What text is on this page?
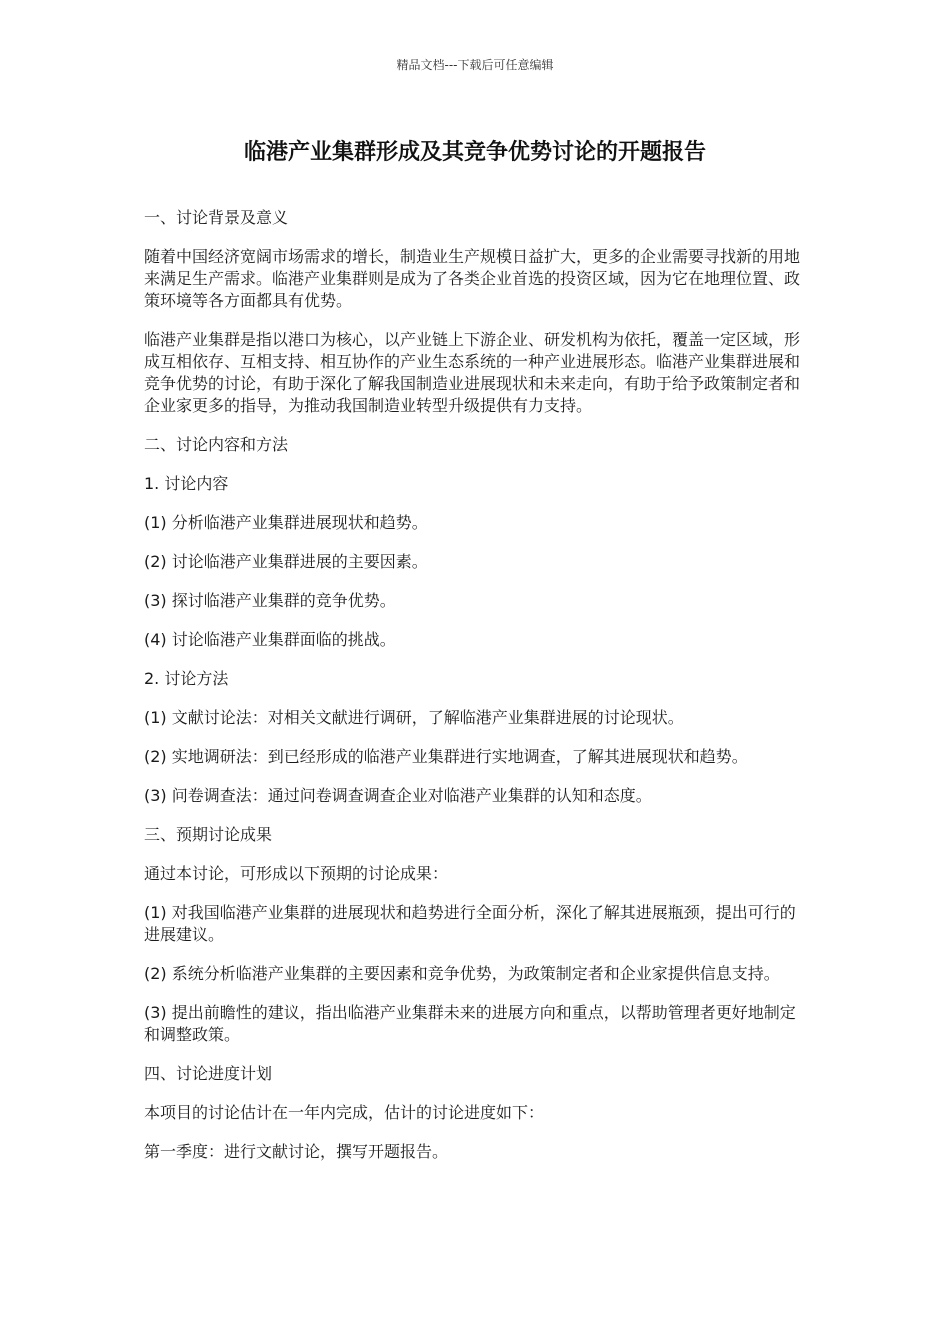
精品文档---下载后可任意编辑
临港产业集群形成及其竞争优势讨论的开题报告

一、讨论背景及意义

随着中国经济宽阔市场需求的增长，制造业生产规模日益扩大，更多的企业需要寻找新的用地来满足生产需求。临港产业集群则是成为了各类企业首选的投资区域，因为它在地理位置、政策环境等各方面都具有优势。

临港产业集群是指以港口为核心，以产业链上下游企业、研发机构为依托，覆盖一定区域，形成互相依存、互相支持、相互协作的产业生态系统的一种产业进展形态。临港产业集群进展和竞争优势的讨论，有助于深化了解我国制造业进展现状和未来走向，有助于给予政策制定者和企业家更多的指导，为推动我国制造业转型升级提供有力支持。

二、讨论内容和方法

1. 讨论内容

(1) 分析临港产业集群进展现状和趋势。

(2) 讨论临港产业集群进展的主要因素。

(3) 探讨临港产业集群的竞争优势。

(4) 讨论临港产业集群面临的挑战。

2. 讨论方法

(1) 文献讨论法：对相关文献进行调研，了解临港产业集群进展的讨论现状。

(2) 实地调研法：到已经形成的临港产业集群进行实地调查，了解其进展现状和趋势。

(3) 问卷调查法：通过问卷调查调查企业对临港产业集群的认知和态度。

三、预期讨论成果

通过本讨论，可形成以下预期的讨论成果：

(1) 对我国临港产业集群的进展现状和趋势进行全面分析，深化了解其进展瓶颈，提出可行的进展建议。

(2) 系统分析临港产业集群的主要因素和竞争优势，为政策制定者和企业家提供信息支持。

(3) 提出前瞻性的建议，指出临港产业集群未来的进展方向和重点，以帮助管理者更好地制定和调整政策。

四、讨论进度计划

本项目的讨论估计在一年内完成，估计的讨论进度如下：

第一季度：进行文献讨论，撰写开题报告。
